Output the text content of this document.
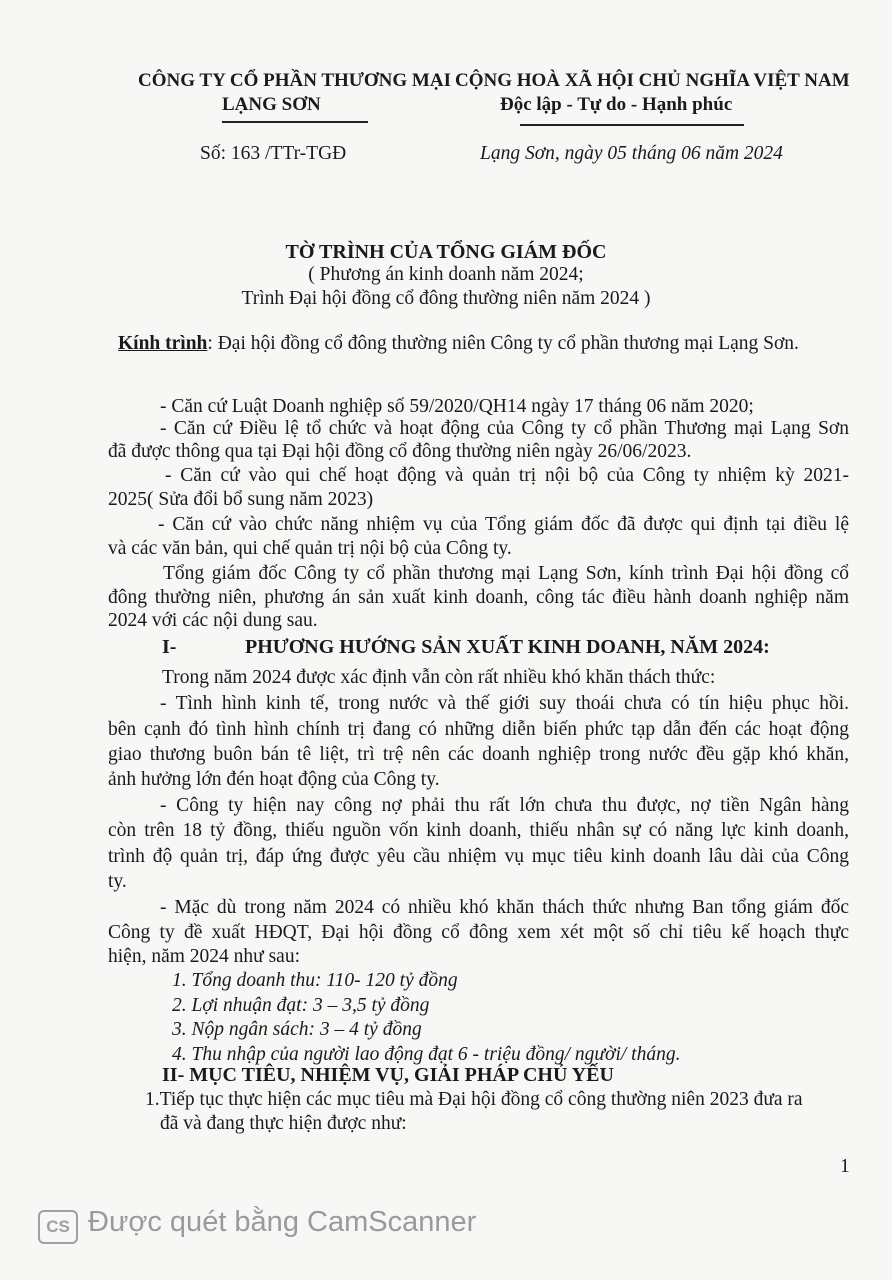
CÔNG TY CỔ PHẦN THƯƠNG MẠI
LẠNG SƠN
CỘNG HOÀ XÃ HỘI CHỦ NGHĨA VIỆT NAM
Độc lập - Tự do - Hạnh phúc
Số: 163 /TTr-TGĐ	Lạng Sơn, ngày 05 tháng 06 năm 2024
TỜ TRÌNH CỦA TỔNG GIÁM ĐỐC
( Phương án kinh doanh năm 2024;
Trình Đại hội đồng cổ đông thường niên năm 2024 )
Kính trình: Đại hội đồng cổ đông thường niên Công ty cổ phần thương mại Lạng Sơn.
- Căn cứ Luật Doanh nghiệp số 59/2020/QH14 ngày 17 tháng 06 năm 2020;
- Căn cứ Điều lệ tổ chức và hoạt động của Công ty cổ phần Thương mại Lạng Sơn
đã được thông qua tại Đại hội đồng cổ đông thường niên ngày 26/06/2023.
- Căn cứ vào qui chế hoạt động và quản trị nội bộ của Công ty nhiệm kỳ 2021-
2025( Sửa đổi bổ sung năm 2023)
- Căn cứ vào chức năng nhiệm vụ của Tổng giám đốc đã được qui định tại điều lệ
và các văn bản, qui chế quản trị nội bộ của Công ty.
Tổng giám đốc Công ty cổ phần thương mại Lạng Sơn, kính trình Đại hội đồng cổ
đông thường niên, phương án sản xuất kinh doanh, công tác điều hành doanh nghiệp năm
2024 với các nội dung sau.
I-	PHƯƠNG HƯỚNG SẢN XUẤT KINH DOANH, NĂM 2024:
Trong năm 2024 được xác định vẫn còn rất nhiều khó khăn thách thức:
- Tình hình kinh tế, trong nước và thế giới suy thoái chưa có tín hiệu phục hồi.
bên cạnh đó tình hình chính trị đang có những diễn biến phức tạp dẫn đến các hoạt động
giao thương buôn bán tê liệt, trì trệ nên các doanh nghiệp trong nước đều gặp khó khăn,
ảnh hưởng lớn đén hoạt động của Công ty.
- Công ty hiện nay công nợ phải thu rất lớn chưa thu được, nợ tiền Ngân hàng
còn trên 18 tỷ đồng, thiếu nguồn vốn kinh doanh, thiếu nhân sự có năng lực kinh doanh,
trình độ quản trị, đáp ứng được yêu cầu nhiệm vụ mục tiêu kinh doanh lâu dài của Công
ty.
- Mặc dù trong năm 2024 có nhiều khó khăn thách thức nhưng Ban tổng giám đốc
Công ty đề xuất HĐQT, Đại hội đồng cổ đông xem xét một số chỉ tiêu kế hoạch thực
hiện, năm 2024 như sau:
1. Tổng doanh thu: 110- 120 tỷ đồng
2. Lợi nhuận đạt: 3 – 3,5 tỷ đồng
3. Nộp ngân sách: 3 – 4 tỷ đồng
4. Thu nhập của người lao động đạt 6 - triệu đồng/ người/ tháng.
II- MỤC TIÊU, NHIỆM VỤ, GIẢI PHÁP CHỦ YẾU
1.Tiếp tục thực hiện các mục tiêu mà Đại hội đồng cổ công thường niên 2023 đưa ra
đã và đang thực hiện được như:
1
CS Được quét bằng CamScanner
